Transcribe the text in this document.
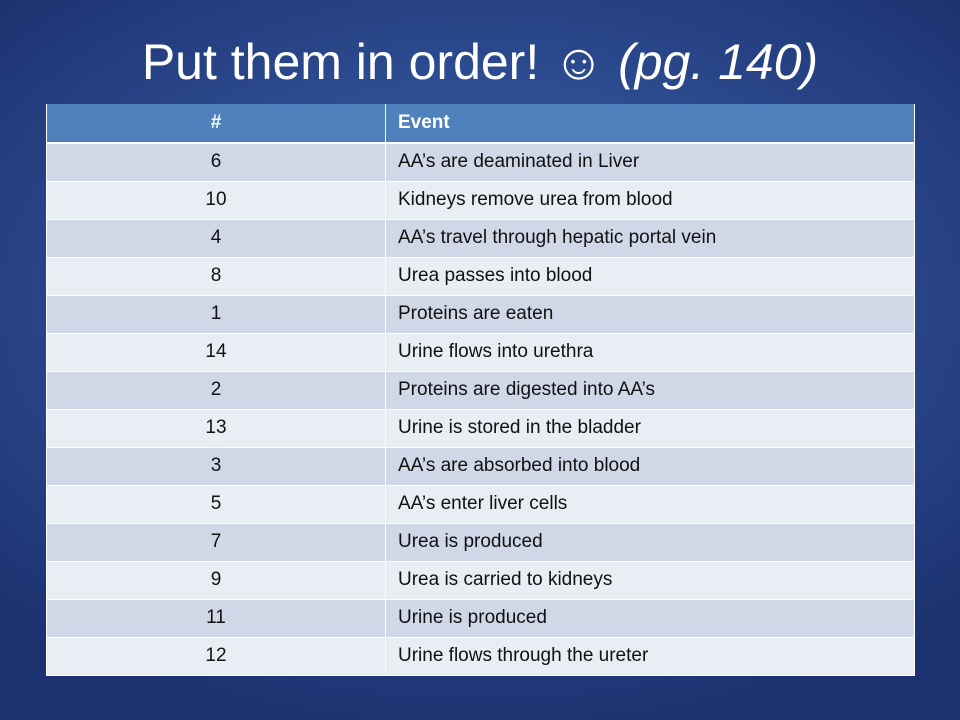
Put them in order! ☺ (pg. 140)
#	Event
6	AA’s are deaminated in Liver
10	Kidneys remove urea from blood
4	AA’s travel through hepatic portal vein
8	Urea passes into blood
1	Proteins are eaten
14	Urine flows into urethra
2	Proteins are digested into AA’s
13	Urine is stored in the bladder
3	AA’s are absorbed into blood
5	AA’s enter liver cells
7	Urea is produced
9	Urea is carried to kidneys
11	Urine is produced
12	Urine flows through the ureter
